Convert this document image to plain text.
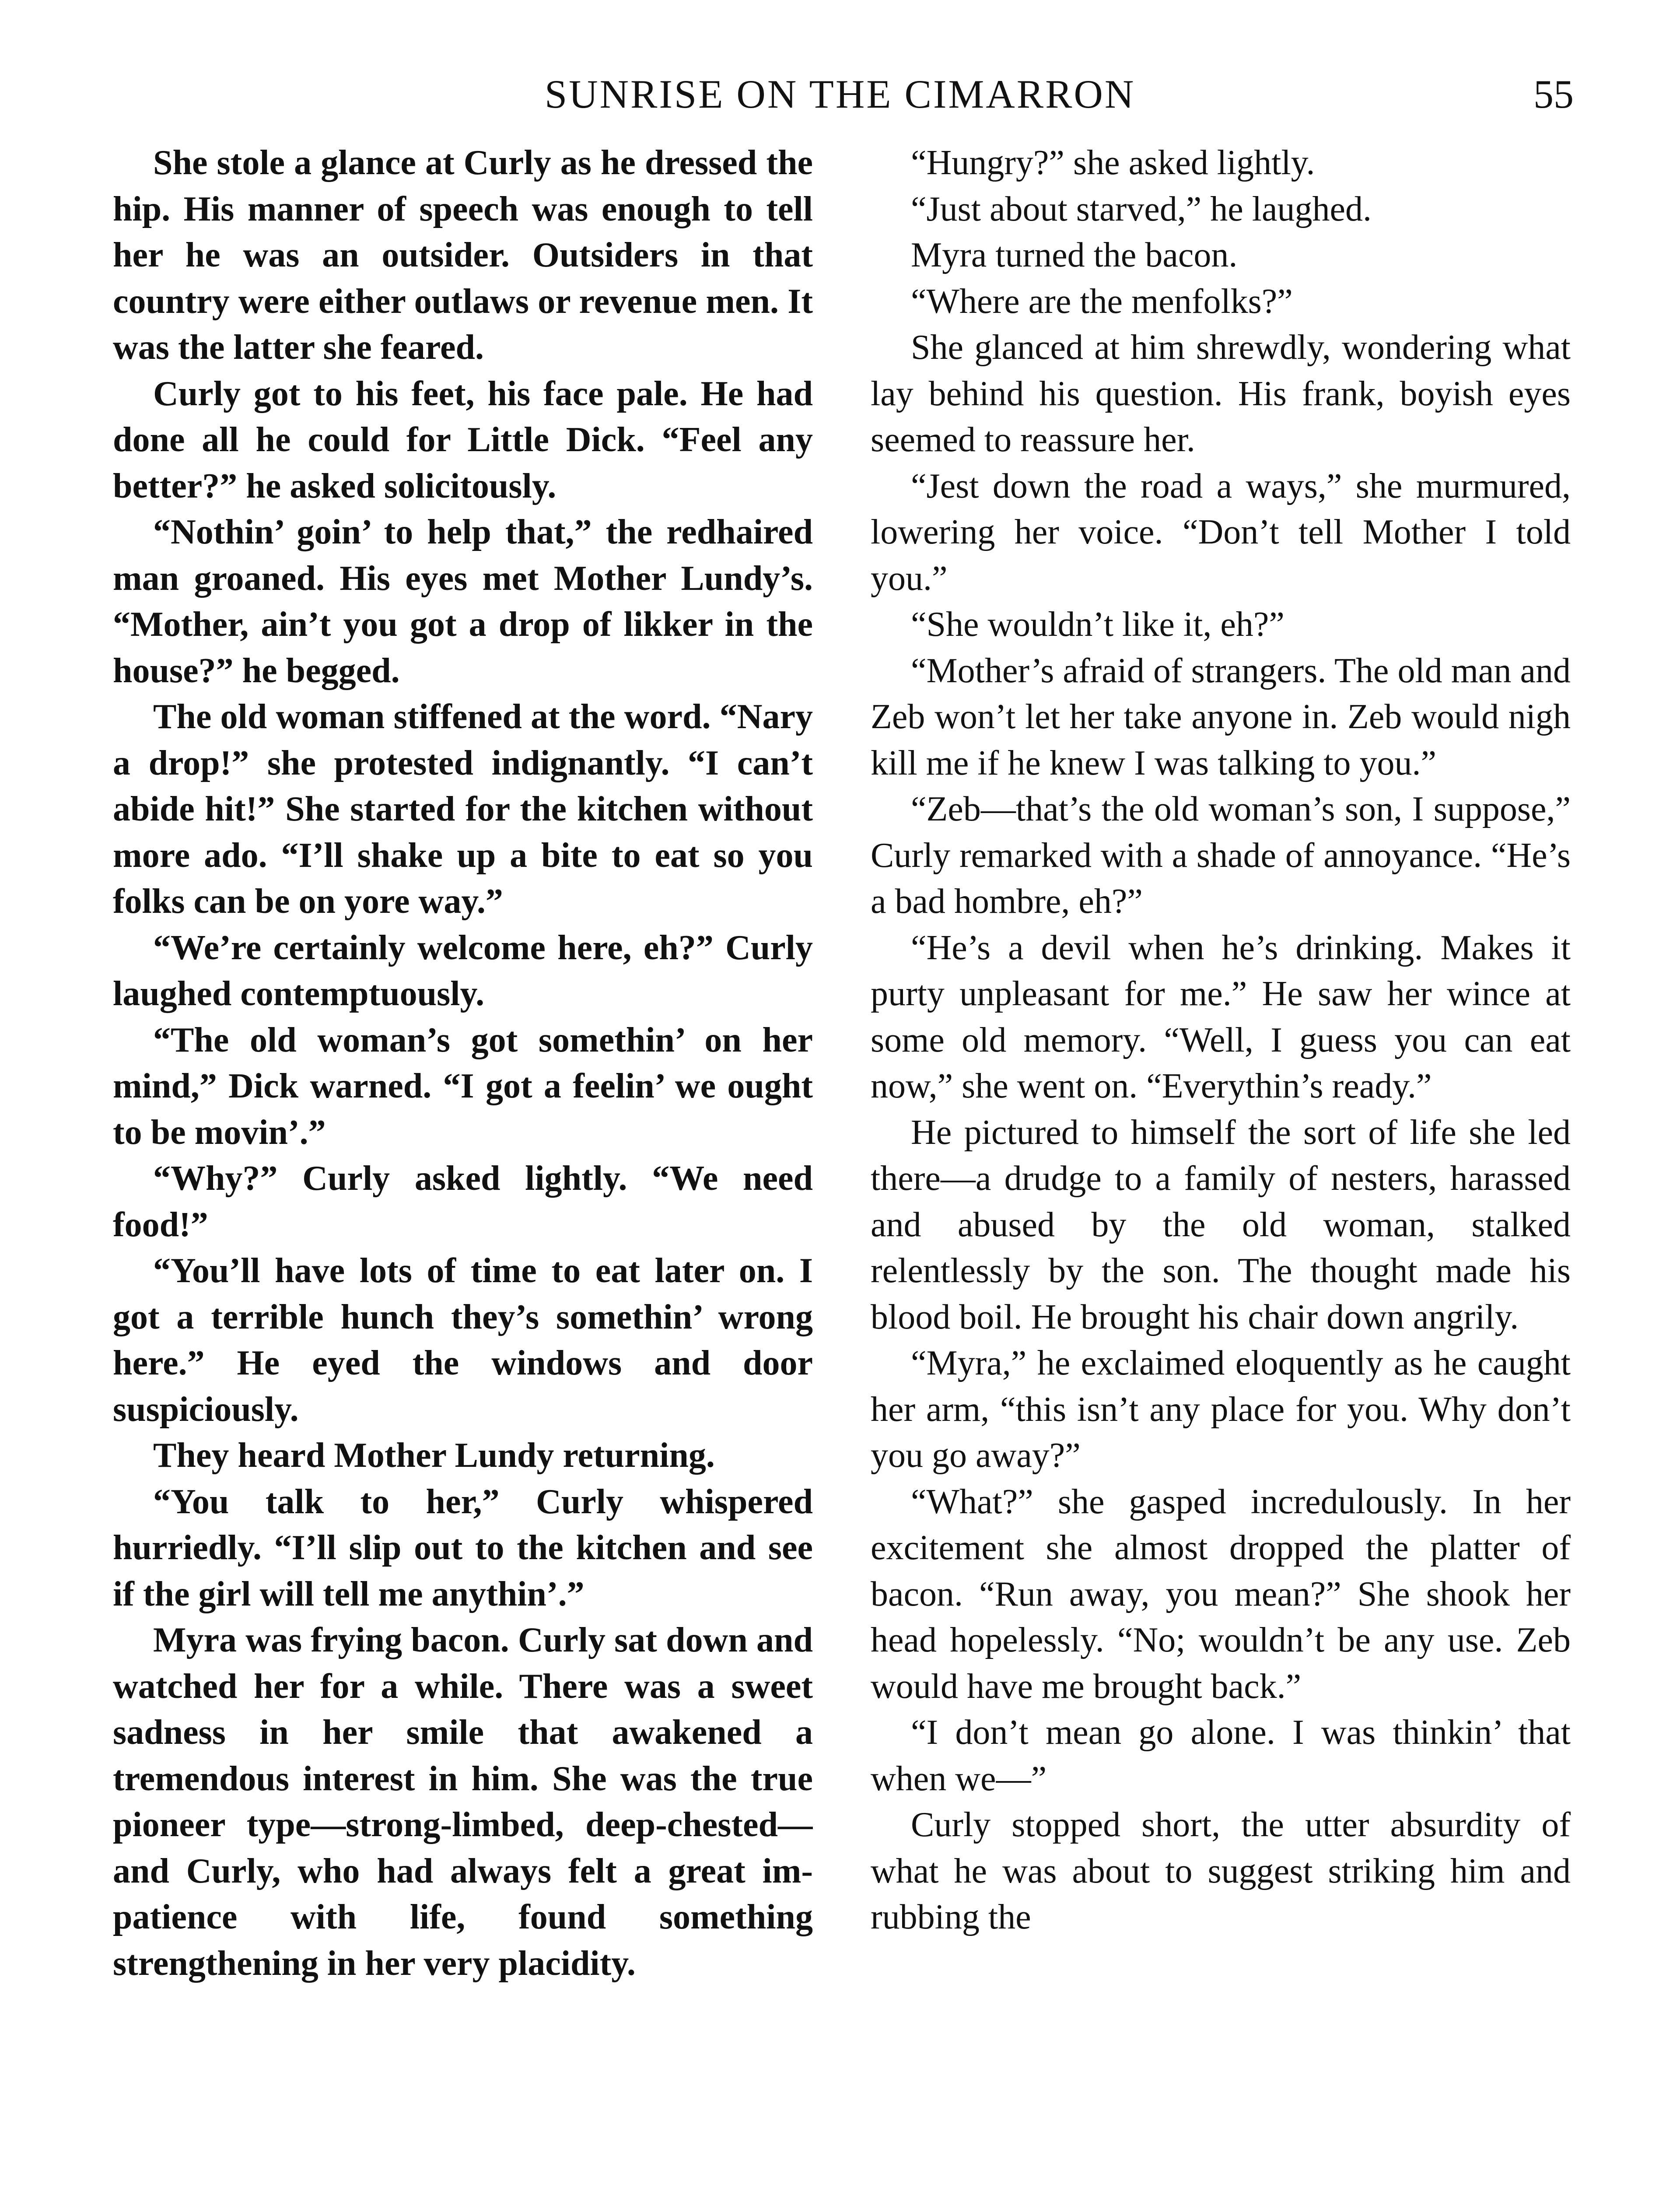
SUNRISE ON THE CIMARRON	55

She stole a glance at Curly as he dressed the hip. His manner of speech was enough to tell her he was an outsider. Outsiders in that country were either outlaws or revenue men. It was the latter she feared.

Curly got to his feet, his face pale. He had done all he could for Little Dick. “Feel any better?” he asked solicitously.

“Nothin’ goin’ to help that,” the redhaired man groaned. His eyes met Mother Lundy’s. “Mother, ain’t you got a drop of likker in the house?” he begged.

The old woman stiffened at the word. “Nary a drop!” she protested indignantly. “I can’t abide hit!” She started for the kitchen without more ado. “I’ll shake up a bite to eat so you folks can be on yore way.”

“We’re certainly welcome here, eh?” Curly laughed contemptuously.

“The old woman’s got somethin’ on her mind,” Dick warned. “I got a feelin’ we ought to be movin’.”

“Why?” Curly asked lightly. “We need food!”

“You’ll have lots of time to eat later on. I got a terrible hunch they’s somethin’ wrong here.” He eyed the windows and door suspiciously.

They heard Mother Lundy returning.

“You talk to her,” Curly whispered hurriedly. “I’ll slip out to the kitchen and see if the girl will tell me anythin’.”

Myra was frying bacon. Curly sat down and watched her for a while. There was a sweet sadness in her smile that awakened a tremendous interest in him. She was the true pioneer type—strong-limbed, deep-chested—and Curly, who had always felt a great impatience with life, found something strengthening in her very placidity.

“Hungry?” she asked lightly.

“Just about starved,” he laughed.

Myra turned the bacon.

“Where are the menfolks?”

She glanced at him shrewdly, wondering what lay behind his question. His frank, boyish eyes seemed to reassure her.

“Jest down the road a ways,” she murmured, lowering her voice. “Don’t tell Mother I told you.”

“She wouldn’t like it, eh?”

“Mother’s afraid of strangers. The old man and Zeb won’t let her take anyone in. Zeb would nigh kill me if he knew I was talking to you.”

“Zeb—that’s the old woman’s son, I suppose,” Curly remarked with a shade of annoyance. “He’s a bad hombre, eh?”

“He’s a devil when he’s drinking. Makes it purty unpleasant for me.” He saw her wince at some old memory. “Well, I guess you can eat now,” she went on. “Everythin’s ready.”

He pictured to himself the sort of life she led there—a drudge to a family of nesters, harassed and abused by the old woman, stalked relentlessly by the son. The thought made his blood boil. He brought his chair down angrily.

“Myra,” he exclaimed eloquently as he caught her arm, “this isn’t any place for you. Why don’t you go away?”

“What?” she gasped incredulously. In her excitement she almost dropped the platter of bacon. “Run away, you mean?” She shook her head hopelessly. “No; wouldn’t be any use. Zeb would have me brought back.”

“I don’t mean go alone. I was thinkin’ that when we—”

Curly stopped short, the utter absurdity of what he was about to suggest striking him and rubbing the
